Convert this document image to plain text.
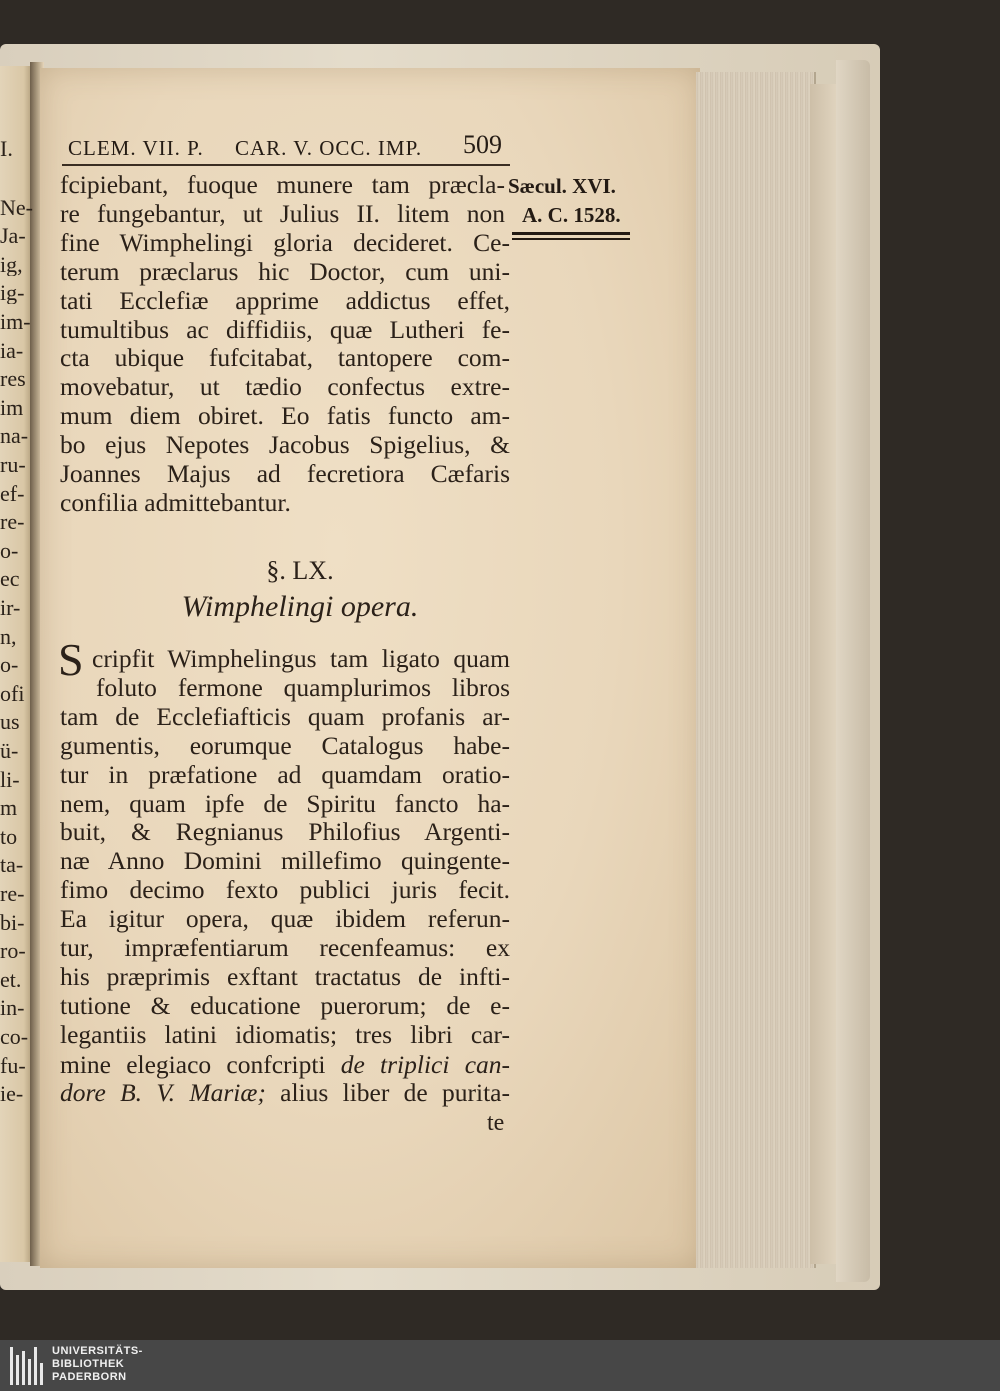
I.
Ne-
Ja-
ig,
ig-
im-
ia-
res
im
na-
ru-
ef-
re-
o-
ec
ir-
n,
o-
ofi
us
ü-
li-
m
to
ta-
re-
bi-
ro-
et.
in-
co-
fu-
ie-
CLEM. VII. P. CAR. V. OCC. IMP. 509
Sæcul. XVI.
A. C. 1528.
fcipiebant, fuoque munere tam præcla-
re fungebantur, ut Julius II. litem non
fine Wimphelingi gloria decideret. Ce-
terum præclarus hic Doctor, cum uni-
tati Ecclefiæ apprime addictus effet,
tumultibus ac diffidiis, quæ Lutheri fe-
cta ubique fufcitabat, tantopere com-
movebatur, ut tædio confectus extre-
mum diem obiret. Eo fatis functo am-
bo ejus Nepotes Jacobus Spigelius, &
Joannes Majus ad fecretiora Cæfaris
confilia admittebantur.
§. LX.
Wimphelingi opera.
S cripfit Wimphelingus tam ligato quam
foluto fermone quamplurimos libros
tam de Ecclefiafticis quam profanis ar-
gumentis, eorumque Catalogus habe-
tur in præfatione ad quamdam oratio-
nem, quam ipfe de Spiritu fancto ha-
buit, & Regnianus Philofius Argenti-
næ Anno Domini millefimo quingente-
fimo decimo fexto publici juris fecit.
Ea igitur opera, quæ ibidem referun-
tur, impræfentiarum recenfeamus: ex
his præprimis exftant tractatus de infti-
tutione & educatione puerorum; de e-
legantiis latini idiomatis; tres libri car-
mine elegiaco confcripti de triplici can-
dore B. V. Mariæ; alius liber de purita-
te
UNIVERSITÄTS-
BIBLIOTHEK
PADERBORN
